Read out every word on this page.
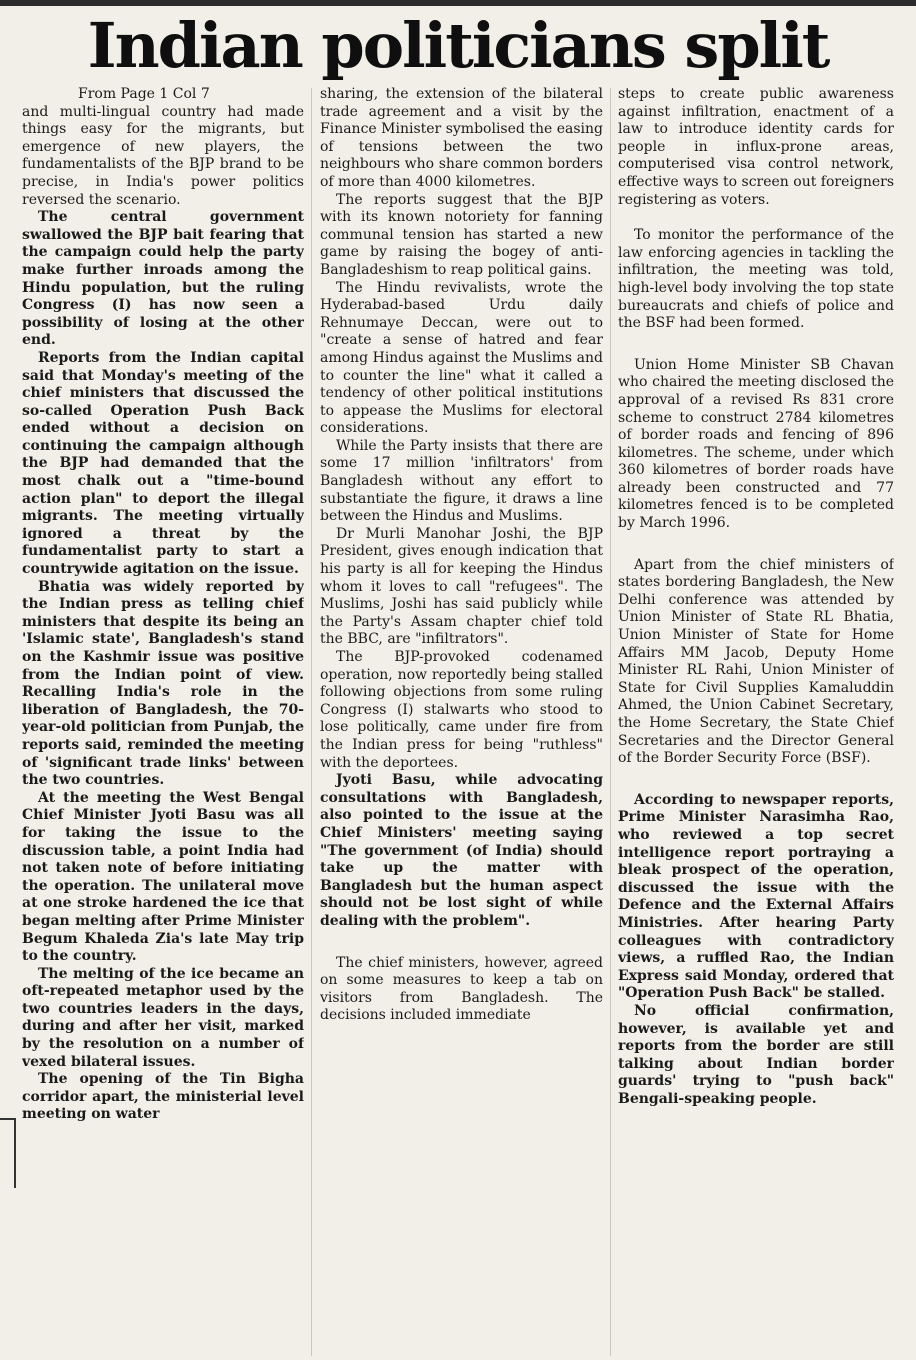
Indian politicians split

From Page 1 Col 7

and multi-lingual country had made things easy for the migrants, but emergence of new players, the fundamentalists of the BJP brand to be precise, in India's power politics reversed the scenario.

The central government swallowed the BJP bait fearing that the campaign could help the party make further inroads among the Hindu population, but the ruling Congress (I) has now seen a possibility of losing at the other end.

Reports from the Indian capital said that Monday's meeting of the chief ministers that discussed the so-called Operation Push Back ended without a decision on continuing the campaign although the BJP had demanded that the most chalk out a "time-bound action plan" to deport the illegal migrants. The meeting virtually ignored a threat by the fundamentalist party to start a countrywide agitation on the issue.

Bhatia was widely reported by the Indian press as telling chief ministers that despite its being an 'Islamic state', Bangladesh's stand on the Kashmir issue was positive from the Indian point of view. Recalling India's role in the liberation of Bangladesh, the 70-year-old politician from Punjab, the reports said, reminded the meeting of 'significant trade links' between the two countries.

At the meeting the West Bengal Chief Minister Jyoti Basu was all for taking the issue to the discussion table, a point India had not taken note of before initiating the operation. The unilateral move at one stroke hardened the ice that began melting after Prime Minister Begum Khaleda Zia's late May trip to the country.

The melting of the ice became an oft-repeated metaphor used by the two countries leaders in the days, during and after her visit, marked by the resolution on a number of vexed bilateral issues.

The opening of the Tin Bigha corridor apart, the ministerial level meeting on water

sharing, the extension of the bilateral trade agreement and a visit by the Finance Minister symbolised the easing of tensions between the two neighbours who share common borders of more than 4000 kilometres.

The reports suggest that the BJP with its known notoriety for fanning communal tension has started a new game by raising the bogey of anti-Bangladeshism to reap political gains.

The Hindu revivalists, wrote the Hyderabad-based Urdu daily Rehnumaye Deccan, were out to "create a sense of hatred and fear among Hindus against the Muslims and to counter the line" what it called a tendency of other political institutions to appease the Muslims for electoral considerations.

While the Party insists that there are some 17 million 'infiltrators' from Bangladesh without any effort to substantiate the figure, it draws a line between the Hindus and Muslims.

Dr Murli Manohar Joshi, the BJP President, gives enough indication that his party is all for keeping the Hindus whom it loves to call "refugees". The Muslims, Joshi has said publicly while the Party's Assam chapter chief told the BBC, are "infiltrators".

The BJP-provoked codenamed operation, now reportedly being stalled following objections from some ruling Congress (I) stalwarts who stood to lose politically, came under fire from the Indian press for being "ruthless" with the deportees.

Jyoti Basu, while advocating consultations with Bangladesh, also pointed to the issue at the Chief Ministers' meeting saying "The government (of India) should take up the matter with Bangladesh but the human aspect should not be lost sight of while dealing with the problem".

The chief ministers, however, agreed on some measures to keep a tab on visitors from Bangladesh. The decisions included immediate

steps to create public awareness against infiltration, enactment of a law to introduce identity cards for people in influx-prone areas, computerised visa control network, effective ways to screen out foreigners registering as voters.

To monitor the performance of the law enforcing agencies in tackling the infiltration, the meeting was told, high-level body involving the top state bureaucrats and chiefs of police and the BSF had been formed.

Union Home Minister SB Chavan who chaired the meeting disclosed the approval of a revised Rs 831 crore scheme to construct 2784 kilometres of border roads and fencing of 896 kilometres. The scheme, under which 360 kilometres of border roads have already been constructed and 77 kilometres fenced is to be completed by March 1996.

Apart from the chief ministers of states bordering Bangladesh, the New Delhi conference was attended by Union Minister of State RL Bhatia, Union Minister of State for Home Affairs MM Jacob, Deputy Home Minister RL Rahi, Union Minister of State for Civil Supplies Kamaluddin Ahmed, the Union Cabinet Secretary, the Home Secretary, the State Chief Secretaries and the Director General of the Border Security Force (BSF).

According to newspaper reports, Prime Minister Narasimha Rao, who reviewed a top secret intelligence report portraying a bleak prospect of the operation, discussed the issue with the Defence and the External Affairs Ministries. After hearing Party colleagues with contradictory views, a ruffled Rao, the Indian Express said Monday, ordered that "Operation Push Back" be stalled.

No official confirmation, however, is available yet and reports from the border are still talking about Indian border guards' trying to "push back" Bengali-speaking people.
